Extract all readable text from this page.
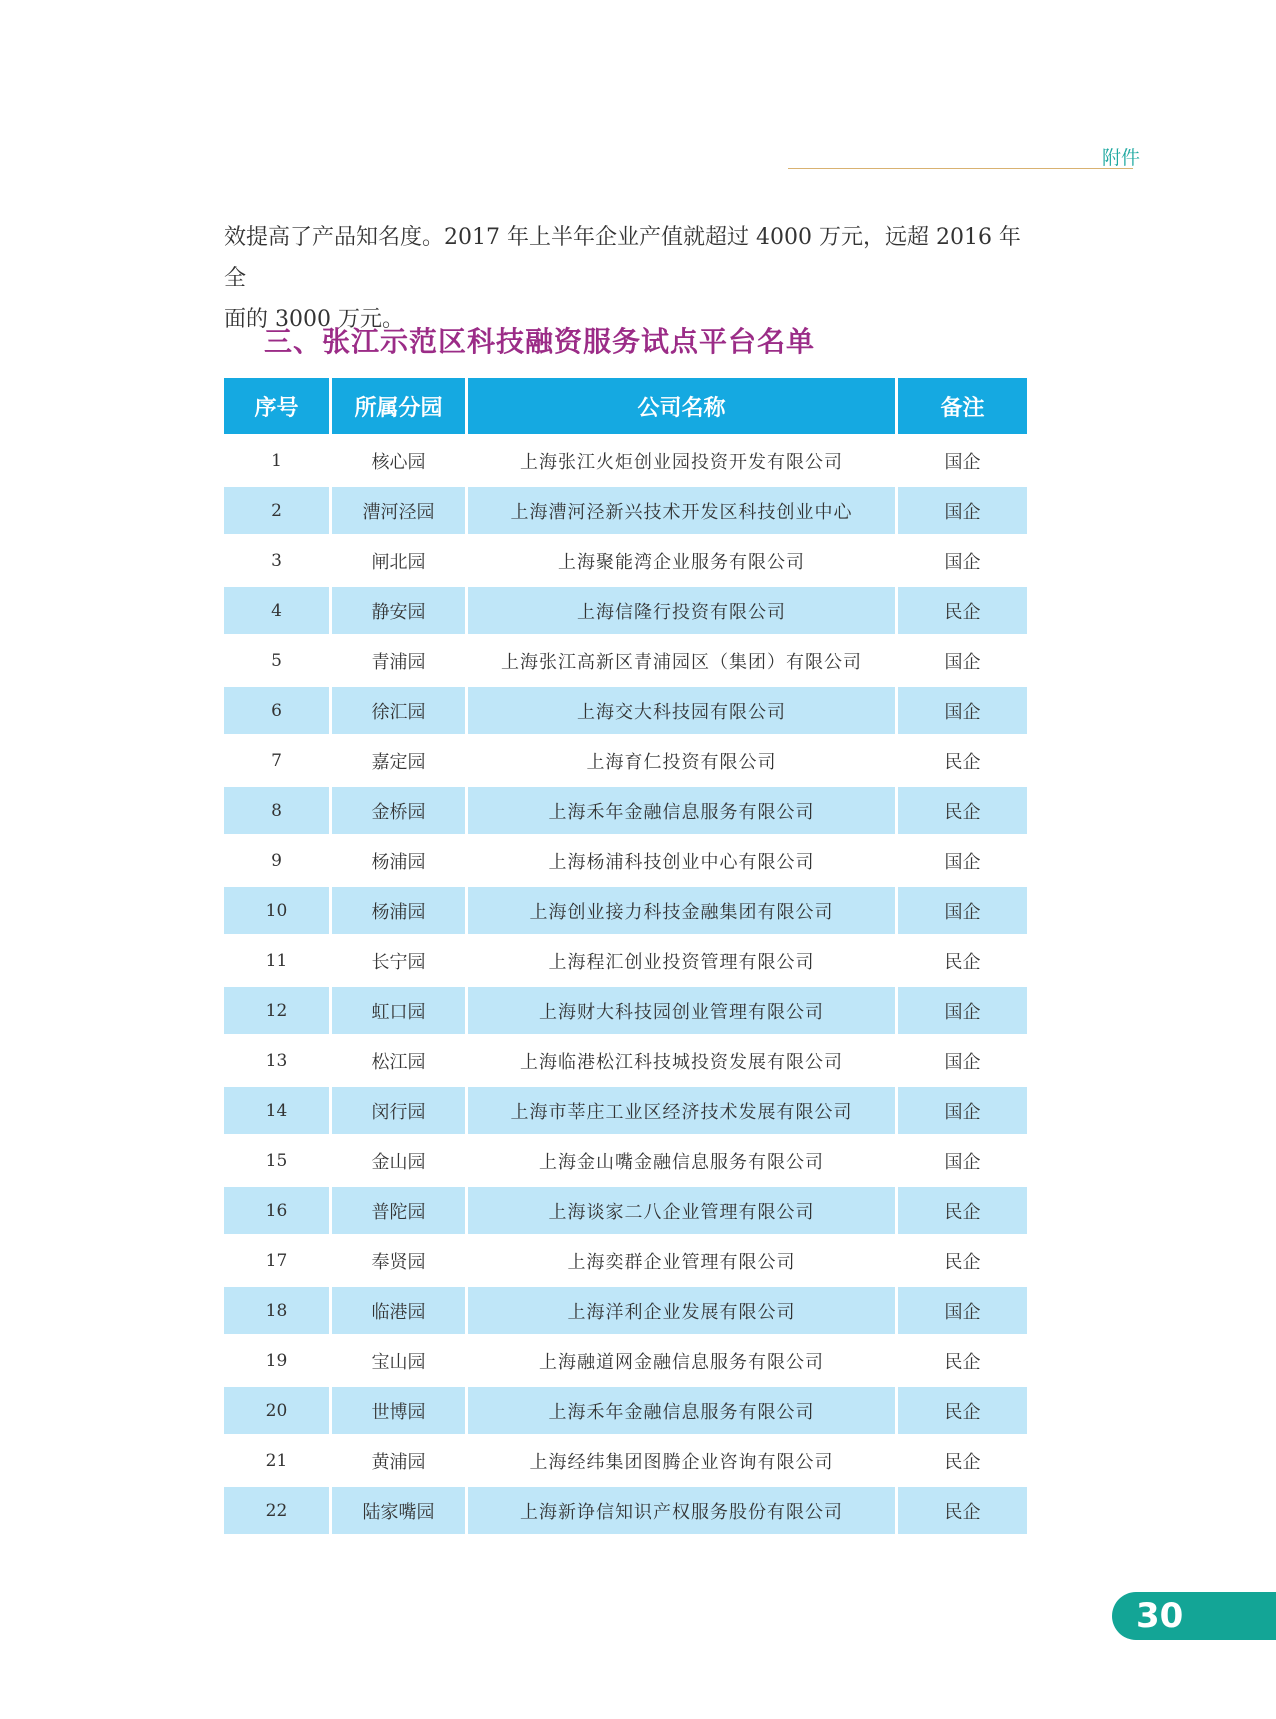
附件

效提高了产品知名度。2017 年上半年企业产值就超过 4000 万元，远超 2016 年全

面的 3000 万元。

三、张江示范区科技融资服务试点平台名单
序号	所属分园	公司名称	备注
1	核心园	上海张江火炬创业园投资开发有限公司	国企
2	漕河泾园	上海漕河泾新兴技术开发区科技创业中心	国企
3	闸北园	上海聚能湾企业服务有限公司	国企
4	静安园	上海信隆行投资有限公司	民企
5	青浦园	上海张江高新区青浦园区（集团）有限公司	国企
6	徐汇园	上海交大科技园有限公司	国企
7	嘉定园	上海育仁投资有限公司	民企
8	金桥园	上海禾年金融信息服务有限公司	民企
9	杨浦园	上海杨浦科技创业中心有限公司	国企
10	杨浦园	上海创业接力科技金融集团有限公司	国企
11	长宁园	上海程汇创业投资管理有限公司	民企
12	虹口园	上海财大科技园创业管理有限公司	国企
13	松江园	上海临港松江科技城投资发展有限公司	国企
14	闵行园	上海市莘庄工业区经济技术发展有限公司	国企
15	金山园	上海金山嘴金融信息服务有限公司	国企
16	普陀园	上海谈家二八企业管理有限公司	民企
17	奉贤园	上海奕群企业管理有限公司	民企
18	临港园	上海洋利企业发展有限公司	国企
19	宝山园	上海融道网金融信息服务有限公司	民企
20	世博园	上海禾年金融信息服务有限公司	民企
21	黄浦园	上海经纬集团图腾企业咨询有限公司	民企
22	陆家嘴园	上海新诤信知识产权服务股份有限公司	民企
30
